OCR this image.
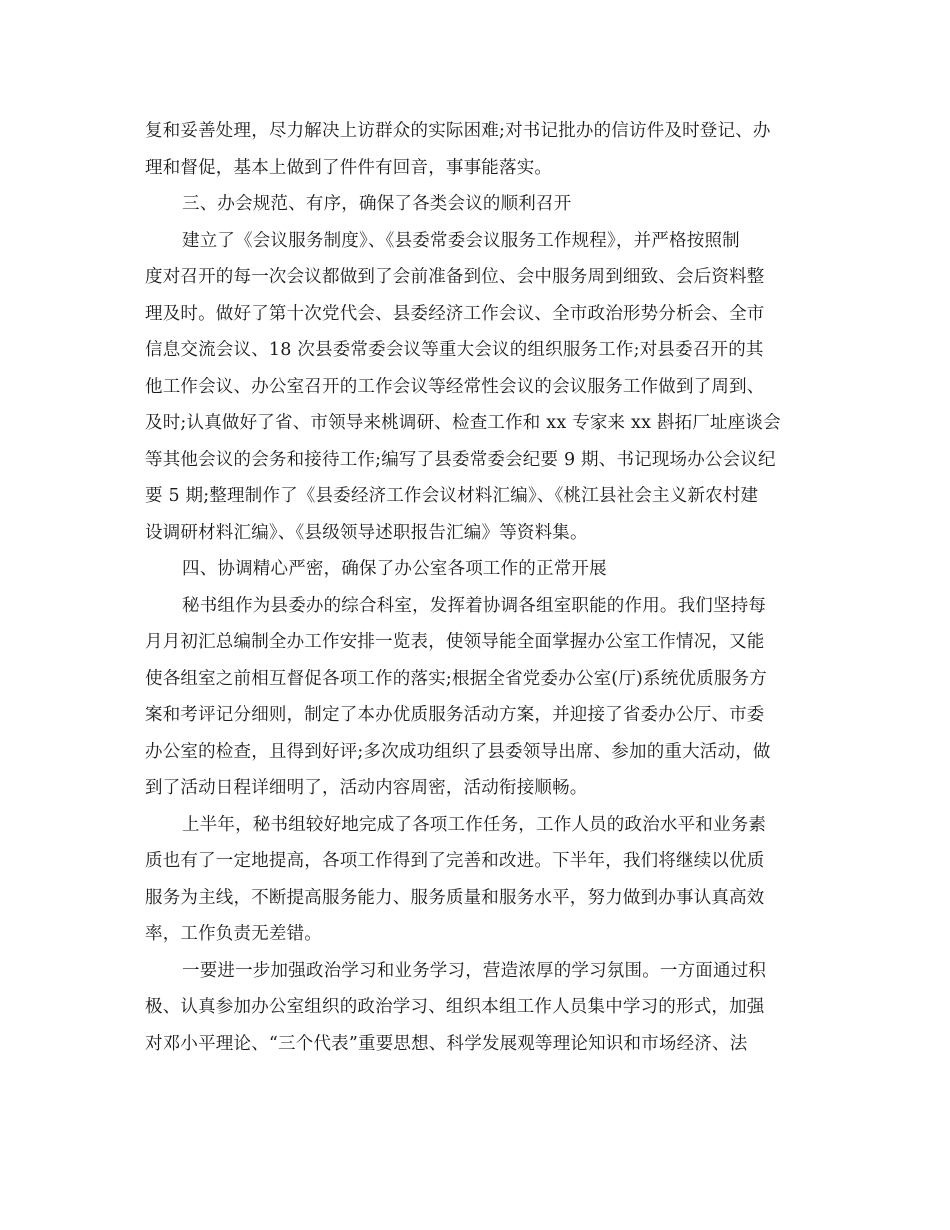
复和妥善处理，尽力解决上访群众的实际困难;对书记批办的信访件及时登记、办
理和督促，基本上做到了件件有回音，事事能落实。
三、办会规范、有序，确保了各类会议的顺利召开
建立了《会议服务制度》、《县委常委会议服务工作规程》，并严格按照制
度对召开的每一次会议都做到了会前准备到位、会中服务周到细致、会后资料整
理及时。做好了第十次党代会、县委经济工作会议、全市政治形势分析会、全市
信息交流会议、18 次县委常委会议等重大会议的组织服务工作;对县委召开的其
他工作会议、办公室召开的工作会议等经常性会议的会议服务工作做到了周到、
及时;认真做好了省、市领导来桃调研、检查工作和 xx 专家来 xx 斟拓厂址座谈会
等其他会议的会务和接待工作;编写了县委常委会纪要 9 期、书记现场办公会议纪
要 5 期;整理制作了《县委经济工作会议材料汇编》、《桃江县社会主义新农村建
设调研材料汇编》、《县级领导述职报告汇编》等资料集。
四、协调精心严密，确保了办公室各项工作的正常开展
秘书组作为县委办的综合科室，发挥着协调各组室职能的作用。我们坚持每
月月初汇总编制全办工作安排一览表，使领导能全面掌握办公室工作情况，又能
使各组室之前相互督促各项工作的落实;根据全省党委办公室(厅)系统优质服务方
案和考评记分细则，制定了本办优质服务活动方案，并迎接了省委办公厅、市委
办公室的检查，且得到好评;多次成功组织了县委领导出席、参加的重大活动，做
到了活动日程详细明了，活动内容周密，活动衔接顺畅。
上半年，秘书组较好地完成了各项工作任务，工作人员的政治水平和业务素
质也有了一定地提高，各项工作得到了完善和改进。下半年，我们将继续以优质
服务为主线，不断提高服务能力、服务质量和服务水平，努力做到办事认真高效
率，工作负责无差错。
一要进一步加强政治学习和业务学习，营造浓厚的学习氛围。一方面通过积
极、认真参加办公室组织的政治学习、组织本组工作人员集中学习的形式，加强
对邓小平理论、“三个代表”重要思想、科学发展观等理论知识和市场经济、法
